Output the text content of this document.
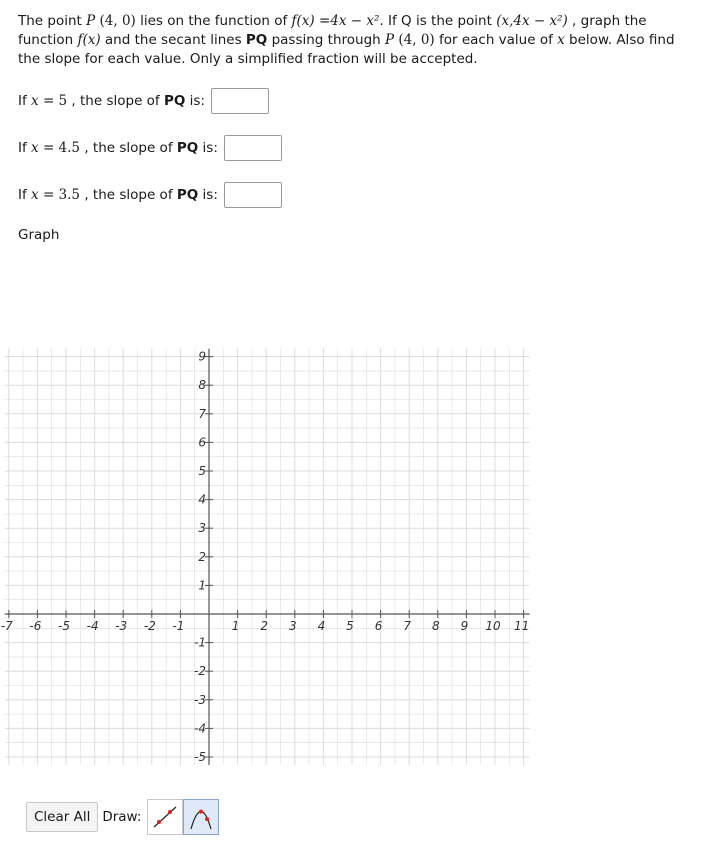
The point P (4, 0) lies on the function of f(x) =4x − x². If Q is the point (x,4x − x²) , graph the function f(x) and the secant lines PQ passing through P (4, 0) for each value of x below. Also find the slope for each value. Only a simplified fraction will be accepted.
If x = 5 , the slope of PQ is:
If x = 4.5 , the slope of PQ is:
If x = 3.5 , the slope of PQ is:
Graph
-7 -6 -5 -4 -3 -2 -1	1 2 3 4 5 6 7 8 9 10 11
9
8
7
6
5
4
3
2
1
-1
-2
-3
-4
-5
Clear All Draw:
